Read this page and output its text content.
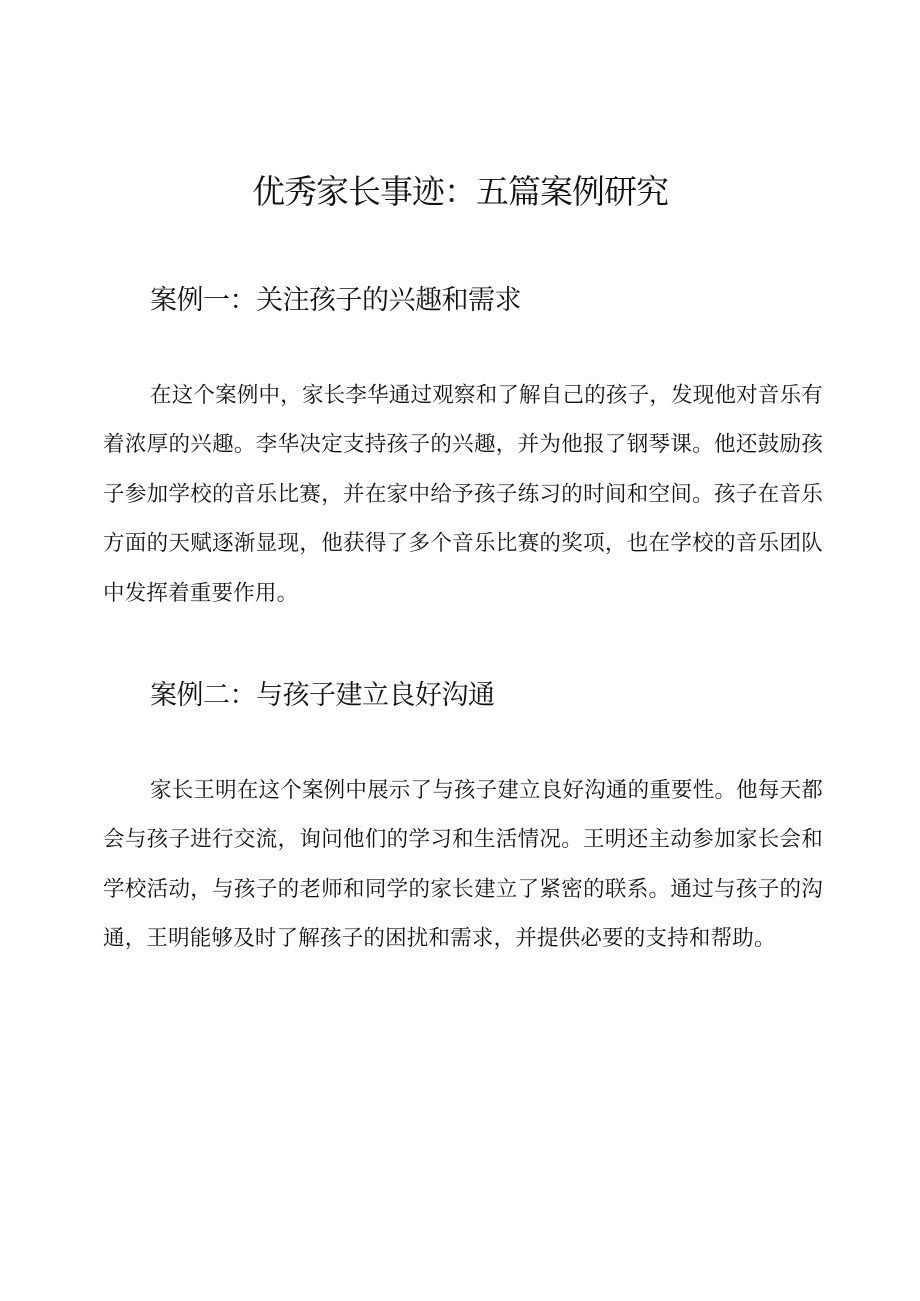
优秀家长事迹：五篇案例研究
案例一：关注孩子的兴趣和需求

在这个案例中，家长李华通过观察和了解自己的孩子，发现他对音乐有着浓厚的兴趣。李华决定支持孩子的兴趣，并为他报了钢琴课。他还鼓励孩子参加学校的音乐比赛，并在家中给予孩子练习的时间和空间。孩子在音乐方面的天赋逐渐显现，他获得了多个音乐比赛的奖项，也在学校的音乐团队中发挥着重要作用。

案例二：与孩子建立良好沟通

家长王明在这个案例中展示了与孩子建立良好沟通的重要性。他每天都会与孩子进行交流，询问他们的学习和生活情况。王明还主动参加家长会和学校活动，与孩子的老师和同学的家长建立了紧密的联系。通过与孩子的沟通，王明能够及时了解孩子的困扰和需求，并提供必要的支持和帮助。
